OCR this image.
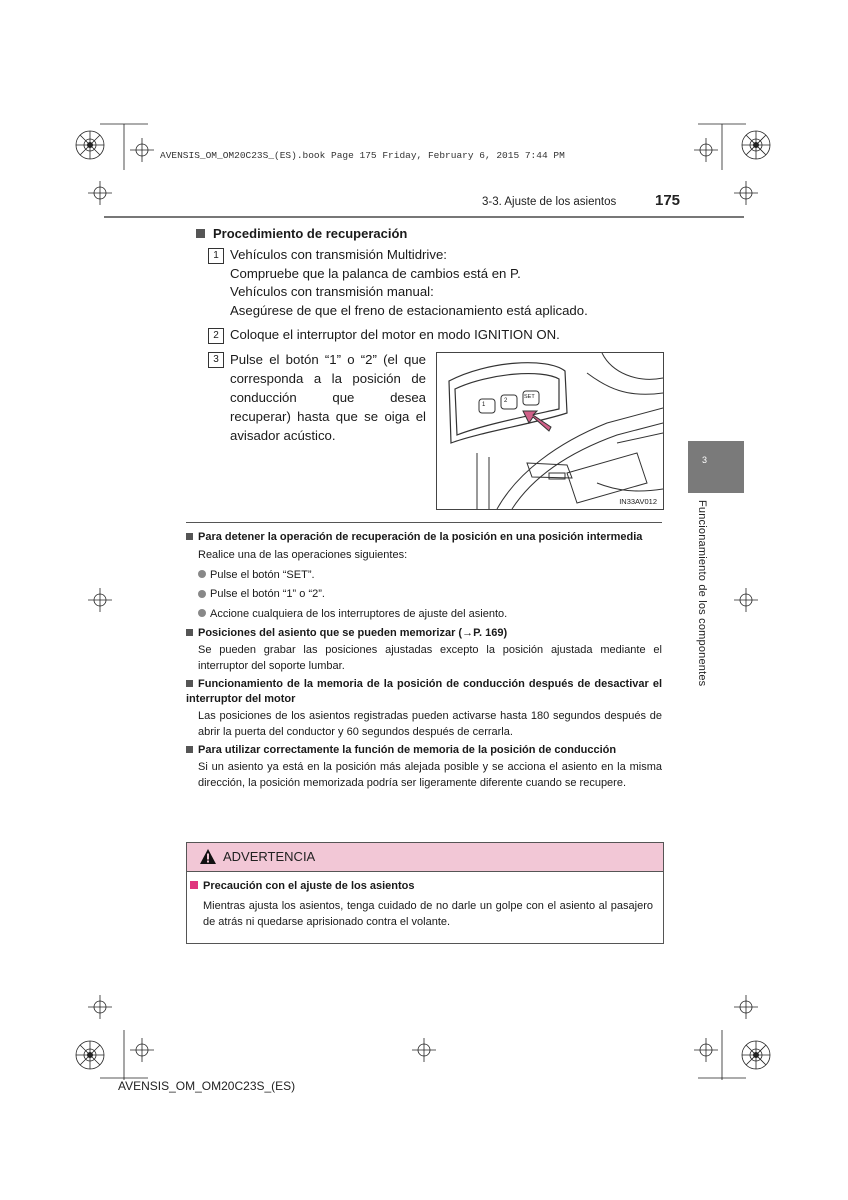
AVENSIS_OM_OM20C23S_(ES).book Page 175 Friday, February 6, 2015 7:44 PM
3-3. Ajuste de los asientos	175
Procedimiento de recuperación
1 Vehículos con transmisión Multidrive:
Compruebe que la palanca de cambios está en P.
Vehículos con transmisión manual:
Asegúrese de que el freno de estacionamiento está aplicado.
2 Coloque el interruptor del motor en modo IGNITION ON.
3 Pulse el botón “1” o “2” (el que corresponda a la posición de conducción que desea recuperar) hasta que se oiga el avisador acústico.
1
2
SET
IN33AV012
3
Funcionamiento de los componentes
Para detener la operación de recuperación de la posición en una posición intermedia
Realice una de las operaciones siguientes:
Pulse el botón “SET”.
Pulse el botón “1” o “2”.
Accione cualquiera de los interruptores de ajuste del asiento.
Posiciones del asiento que se pueden memorizar (→P. 169)
Se pueden grabar las posiciones ajustadas excepto la posición ajustada mediante el interruptor del soporte lumbar.
Funcionamiento de la memoria de la posición de conducción después de desactivar el interruptor del motor
Las posiciones de los asientos registradas pueden activarse hasta 180 segundos después de abrir la puerta del conductor y 60 segundos después de cerrarla.
Para utilizar correctamente la función de memoria de la posición de conducción
Si un asiento ya está en la posición más alejada posible y se acciona el asiento en la misma dirección, la posición memorizada podría ser ligeramente diferente cuando se recupere.
ADVERTENCIA
Precaución con el ajuste de los asientos
Mientras ajusta los asientos, tenga cuidado de no darle un golpe con el asiento al pasajero de atrás ni quedarse aprisionado contra el volante.
AVENSIS_OM_OM20C23S_(ES)
